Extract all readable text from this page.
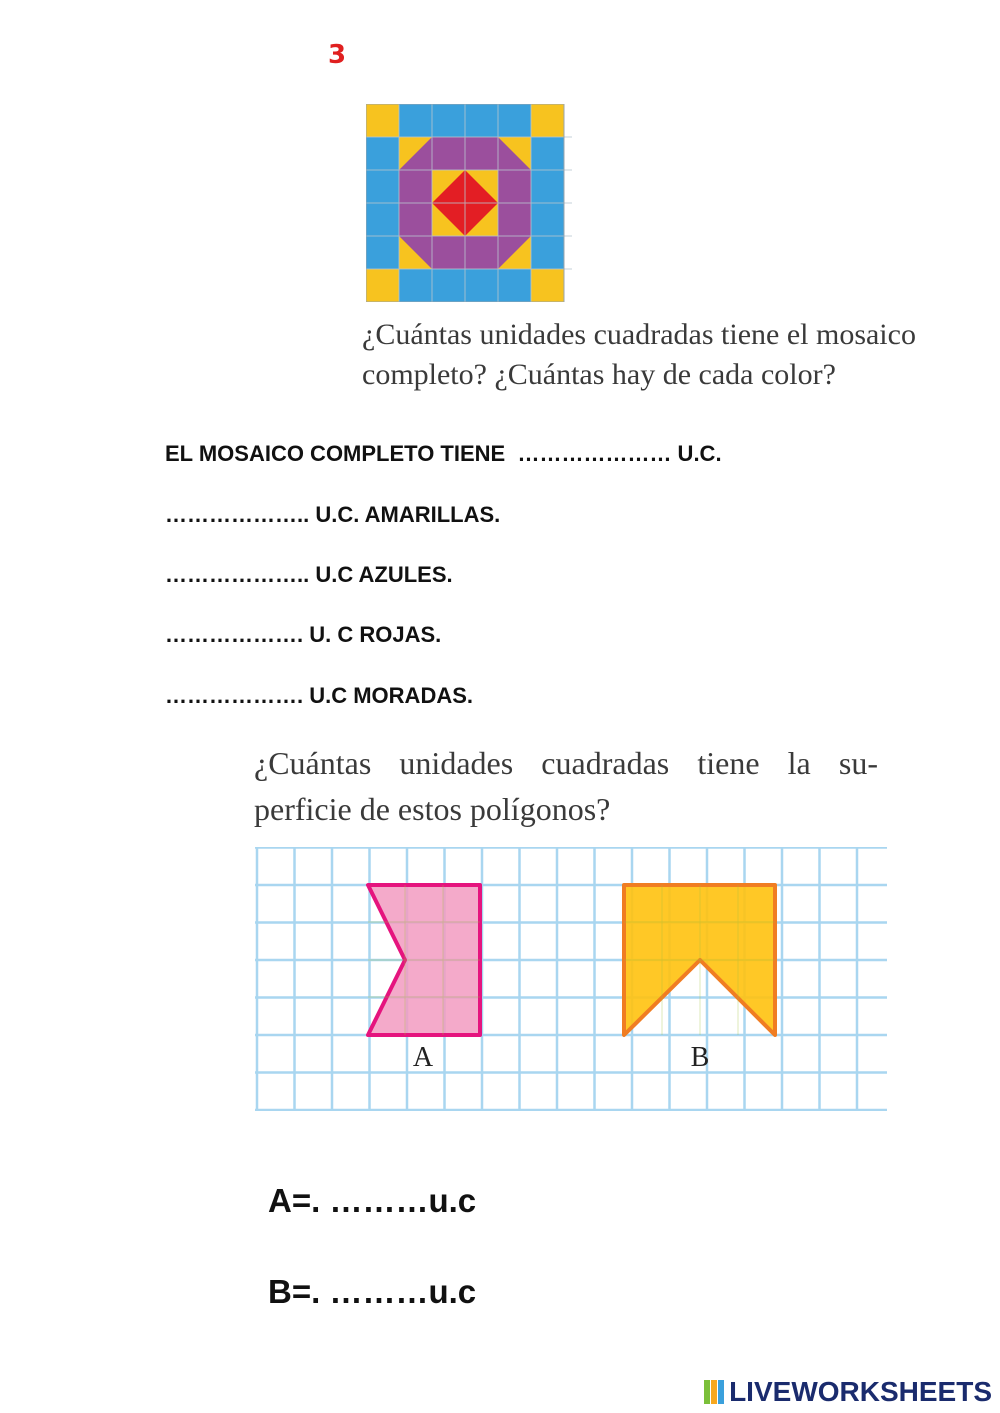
3
¿Cuántas unidades cuadradas tiene el mosaico
completo? ¿Cuántas hay de cada color?
EL MOSAICO COMPLETO TIENE  ………………… U.C.
……………….. U.C. AMARILLAS.
……………….. U.C AZULES.
………………. U. C ROJAS.
………………. U.C MORADAS.
¿Cuántas unidades cuadradas tiene la su-
perficie de estos polígonos?
A	B
A=. ………u.c
B=. ………u.c
LIVEWORKSHEETS
